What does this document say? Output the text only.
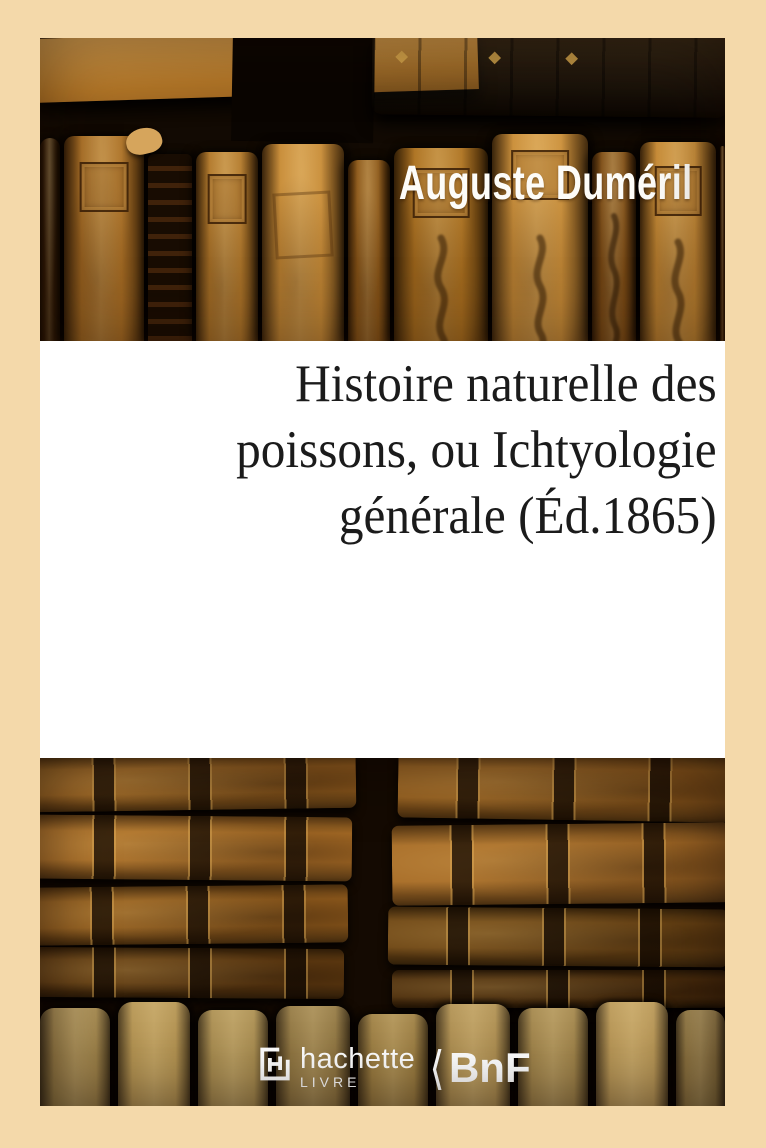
Auguste Duméril
Histoire naturelle des
poissons, ou Ichtyologie
générale (Éd.1865)
hachette
LIVRE	⟨ BnF
